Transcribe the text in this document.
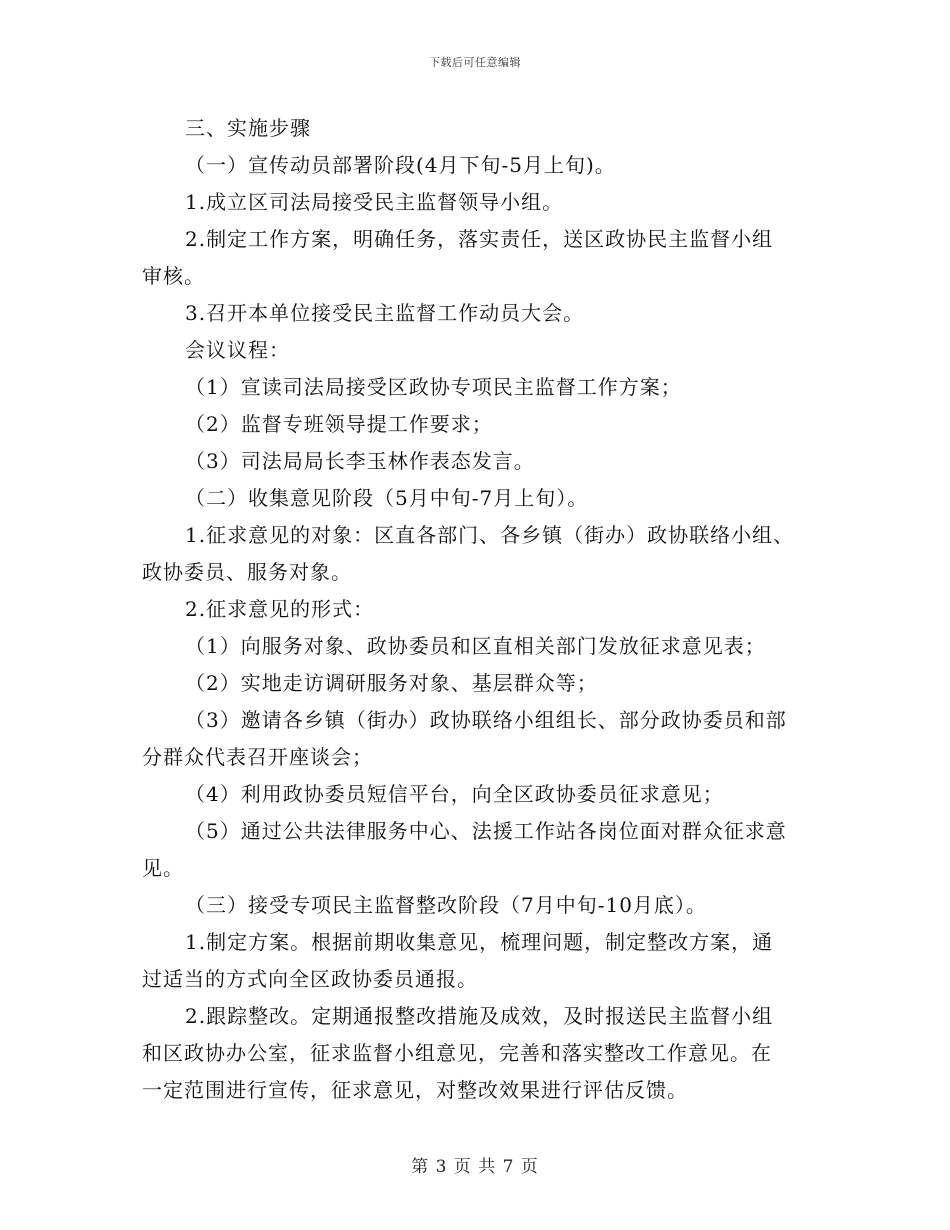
下载后可任意编辑
三、实施步骤
（一）宣传动员部署阶段(4月下旬-5月上旬)。
1.成立区司法局接受民主监督领导小组。
2.制定工作方案，明确任务，落实责任，送区政协民主监督小组
审核。
3.召开本单位接受民主监督工作动员大会。
会议议程：
（1）宣读司法局接受区政协专项民主监督工作方案；
（2）监督专班领导提工作要求；
（3）司法局局长李玉林作表态发言。
（二）收集意见阶段（5月中旬-7月上旬）。
1.征求意见的对象：区直各部门、各乡镇（街办）政协联络小组、
政协委员、服务对象。
2.征求意见的形式：
（1）向服务对象、政协委员和区直相关部门发放征求意见表；
（2）实地走访调研服务对象、基层群众等；
（3）邀请各乡镇（街办）政协联络小组组长、部分政协委员和部
分群众代表召开座谈会；
（4）利用政协委员短信平台，向全区政协委员征求意见；
（5）通过公共法律服务中心、法援工作站各岗位面对群众征求意
见。
（三）接受专项民主监督整改阶段（7月中旬-10月底）。
1.制定方案。根据前期收集意见，梳理问题，制定整改方案，通
过适当的方式向全区政协委员通报。
2.跟踪整改。定期通报整改措施及成效，及时报送民主监督小组
和区政协办公室，征求监督小组意见，完善和落实整改工作意见。在
一定范围进行宣传，征求意见，对整改效果进行评估反馈。
第 3 页 共 7 页
